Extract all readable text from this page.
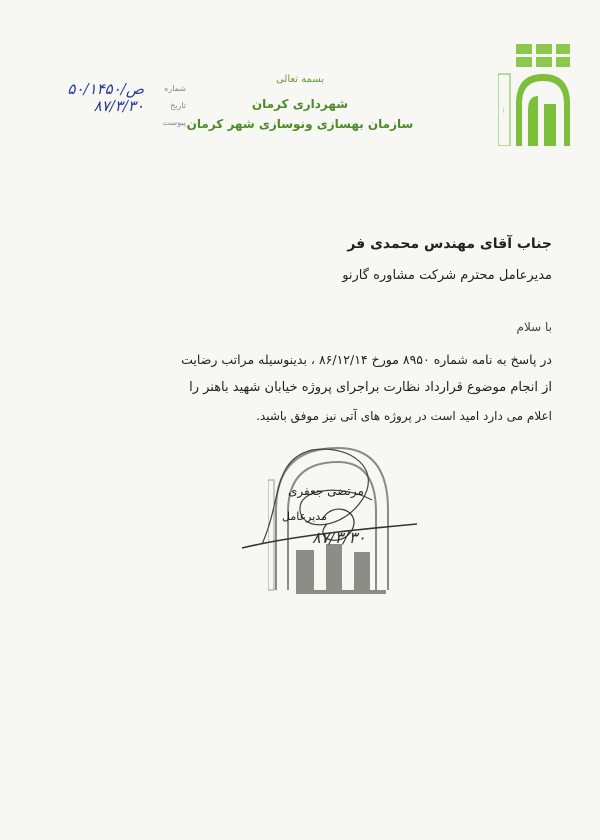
...
بسمه تعالی
شهرداری کرمان
سازمان بهسازی ونوسازی شهر کرمان
شماره
۵۰/۱۴۵۰/ص
تاریخ
۸۷/۳/۳۰
پیوست
جناب آقای مهندس محمدی فر
مدیرعامل محترم شرکت مشاوره گارنو
با سلام
در پاسخ به نامه شماره ۸۹۵۰ مورخ ۸۶/۱۲/۱۴ ، بدینوسیله مراتب رضایت
از انجام موضوع قرارداد نظارت براجرای پروژه خیابان شهید باهنر را
اعلام می دارد امید است در پروژه های آتی نیز موفق باشید.
مرتضی جعفری
مدیرعامل
۸۷/۳/۳۰
